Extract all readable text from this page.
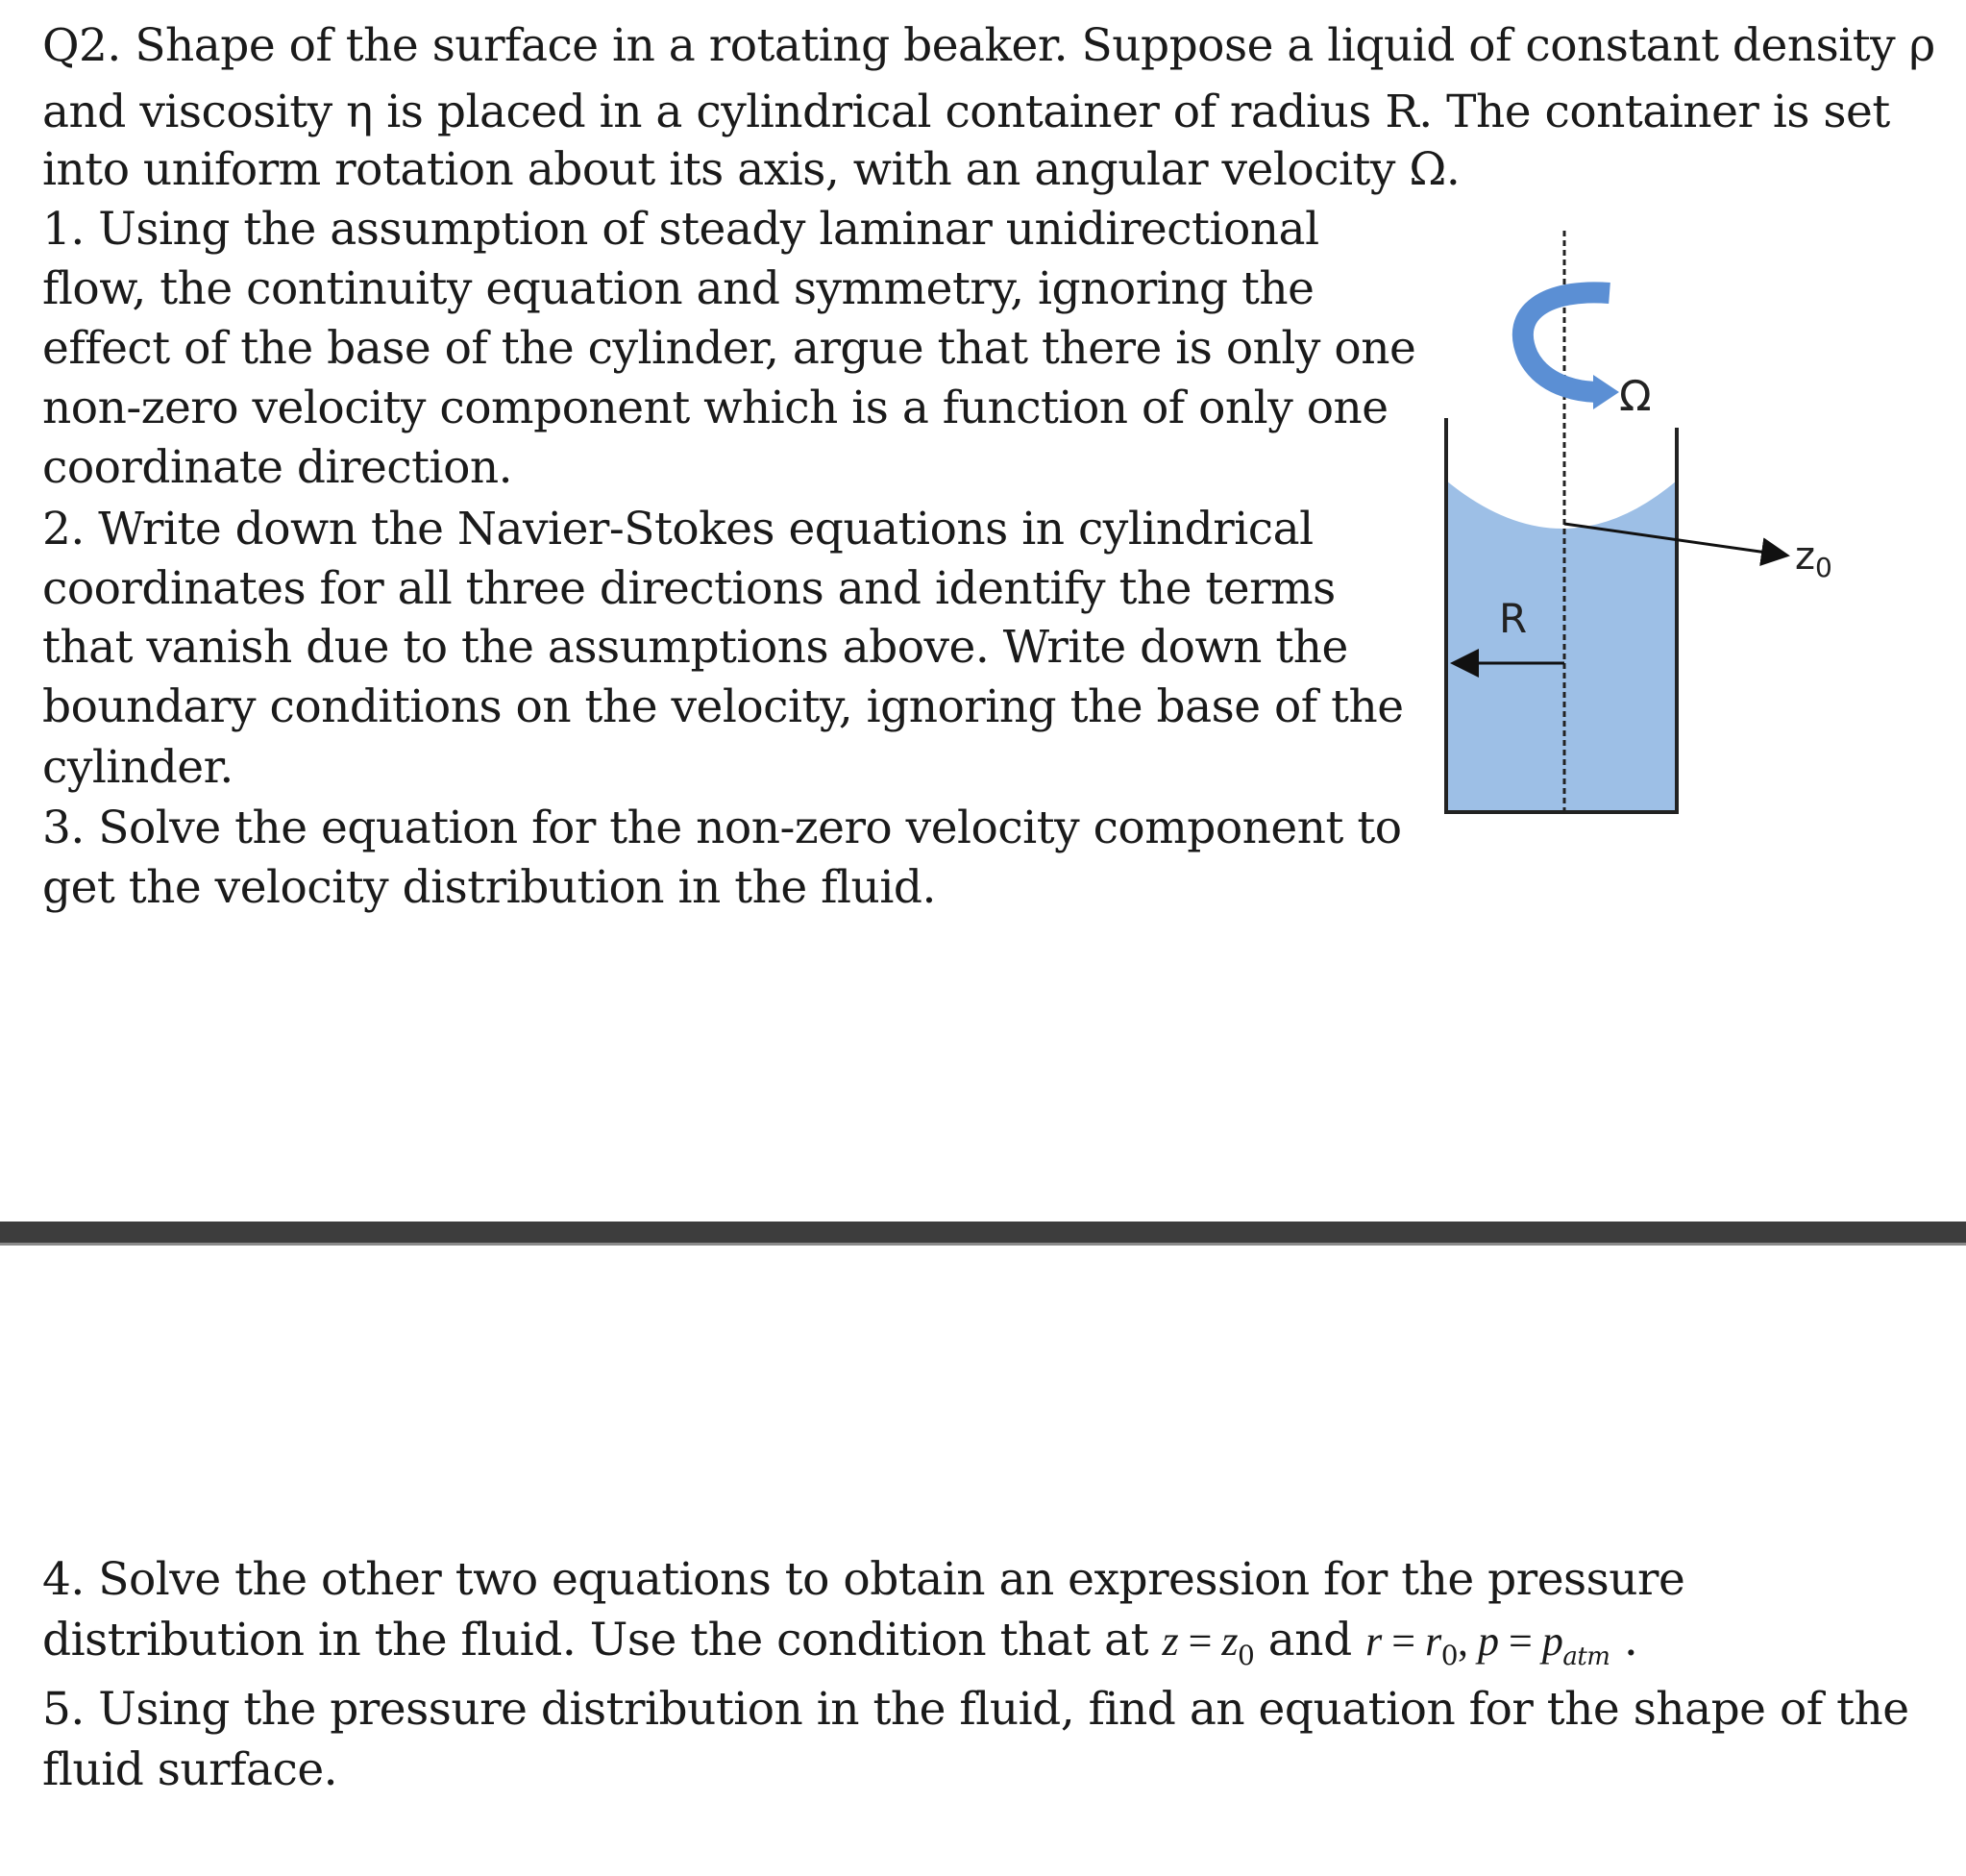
Q2. Shape of the surface in a rotating beaker. Suppose a liquid of constant density ρ
and viscosity η is placed in a cylindrical container of radius R. The container is set
into uniform rotation about its axis, with an angular velocity Ω.
1. Using the assumption of steady laminar unidirectional
flow, the continuity equation and symmetry, ignoring the
effect of the base of the cylinder, argue that there is only one
non-zero velocity component which is a function of only one
coordinate direction.
2. Write down the Navier-Stokes equations in cylindrical
coordinates for all three directions and identify the terms
that vanish due to the assumptions above. Write down the
boundary conditions on the velocity, ignoring the base of the
cylinder.
3. Solve the equation for the non-zero velocity component to
get the velocity distribution in the fluid.
Ω
$z_0$
R
4. Solve the other two equations to obtain an expression for the pressure
distribution in the fluid. Use the condition that at $z = z_0$ and $r = r_0$, $p = p_{atm}$ .
5. Using the pressure distribution in the fluid, find an equation for the shape of the
fluid surface.
